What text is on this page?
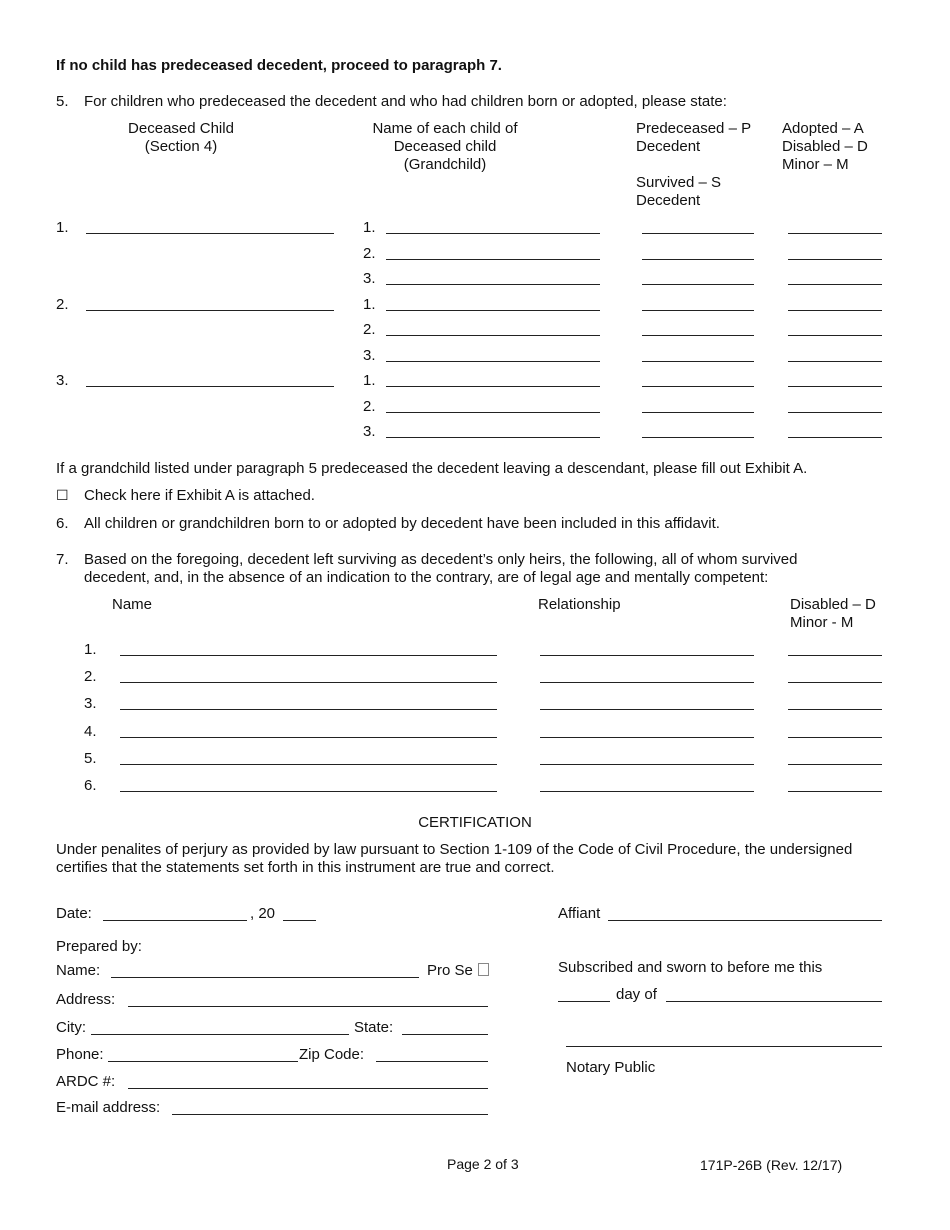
If no child has predeceased decedent, proceed to paragraph 7.
5. For children who predeceased the decedent and who had children born or adopted, please state:
Deceased Child
(Section 4)
Name of each child of
Deceased child
(Grandchild)
Predeceased – P
Decedent
Survived – S
Decedent
Adopted – A
Disabled – D
Minor – M
1.	1.
2.
3.
2.	1.
2.
3.
3.	1.
2.
3.
If a grandchild listed under paragraph 5 predeceased the decedent leaving a descendant, please fill out Exhibit A.
☐ Check here if Exhibit A is attached.
6. All children or grandchildren born to or adopted by decedent have been included in this affidavit.
7. Based on the foregoing, decedent left surviving as decedent’s only heirs, the following, all of whom survived
decedent, and, in the absence of an indication to the contrary, are of legal age and mentally competent:
Name	Relationship	Disabled – D
Minor - M
1.
2.
3.
4.
5.
6.
CERTIFICATION
Under penalites of perjury as provided by law pursuant to Section 1-109 of the Code of Civil Procedure, the undersigned
certifies that the statements set forth in this instrument are true and correct.
Date:	, 20
Prepared by:
Name:	Pro Se
Address:
City:	State:
Phone:	Zip Code:
ARDC #:
E-mail address:
Affiant
Subscribed and sworn to before me this
day of
Notary Public
Page 2 of 3	171P-26B (Rev. 12/17)
